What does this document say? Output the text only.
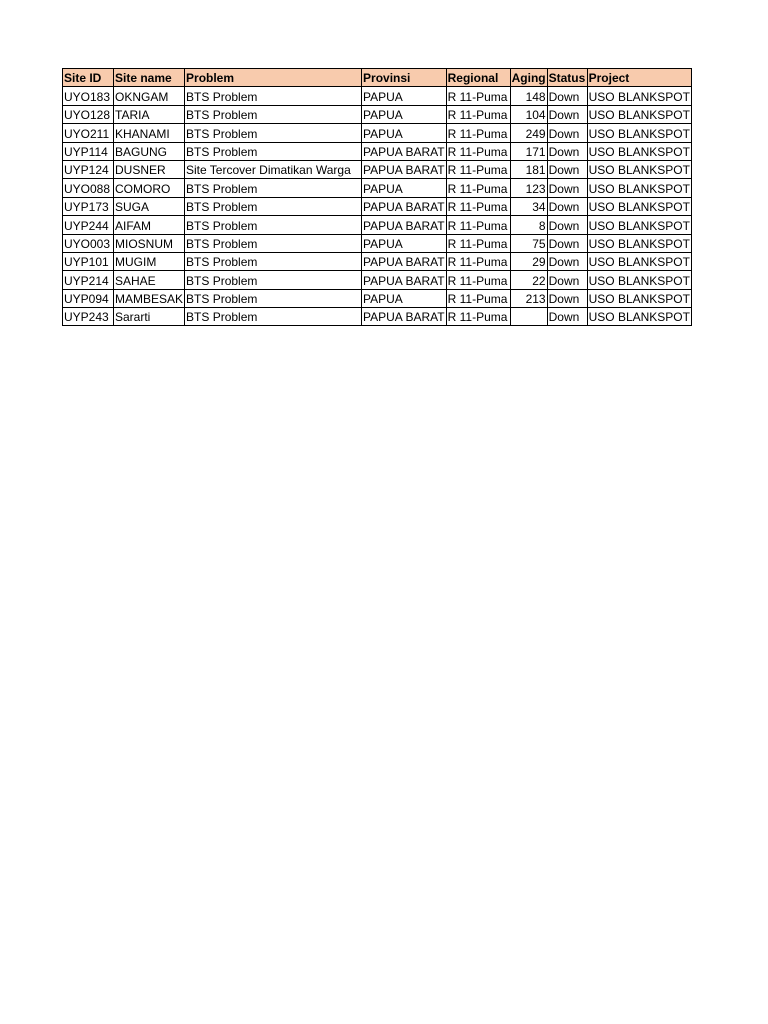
Site ID	Site name	Problem	Provinsi	Regional	Aging	Status	Project
UYO183	OKNGAM	BTS Problem	PAPUA	R 11-Puma	148	Down	USO BLANKSPOT
UYO128	TARIA	BTS Problem	PAPUA	R 11-Puma	104	Down	USO BLANKSPOT
UYO211	KHANAMI	BTS Problem	PAPUA	R 11-Puma	249	Down	USO BLANKSPOT
UYP114	BAGUNG	BTS Problem	PAPUA BARAT	R 11-Puma	171	Down	USO BLANKSPOT
UYP124	DUSNER	Site Tercover Dimatikan Warga	PAPUA BARAT	R 11-Puma	181	Down	USO BLANKSPOT
UYO088	COMORO	BTS Problem	PAPUA	R 11-Puma	123	Down	USO BLANKSPOT
UYP173	SUGA	BTS Problem	PAPUA BARAT	R 11-Puma	34	Down	USO BLANKSPOT
UYP244	AIFAM	BTS Problem	PAPUA BARAT	R 11-Puma	8	Down	USO BLANKSPOT
UYO003	MIOSNUM	BTS Problem	PAPUA	R 11-Puma	75	Down	USO BLANKSPOT
UYP101	MUGIM	BTS Problem	PAPUA BARAT	R 11-Puma	29	Down	USO BLANKSPOT
UYP214	SAHAE	BTS Problem	PAPUA BARAT	R 11-Puma	22	Down	USO BLANKSPOT
UYP094	MAMBESAK	BTS Problem	PAPUA	R 11-Puma	213	Down	USO BLANKSPOT
UYP243	Sararti	BTS Problem	PAPUA BARAT	R 11-Puma		Down	USO BLANKSPOT
